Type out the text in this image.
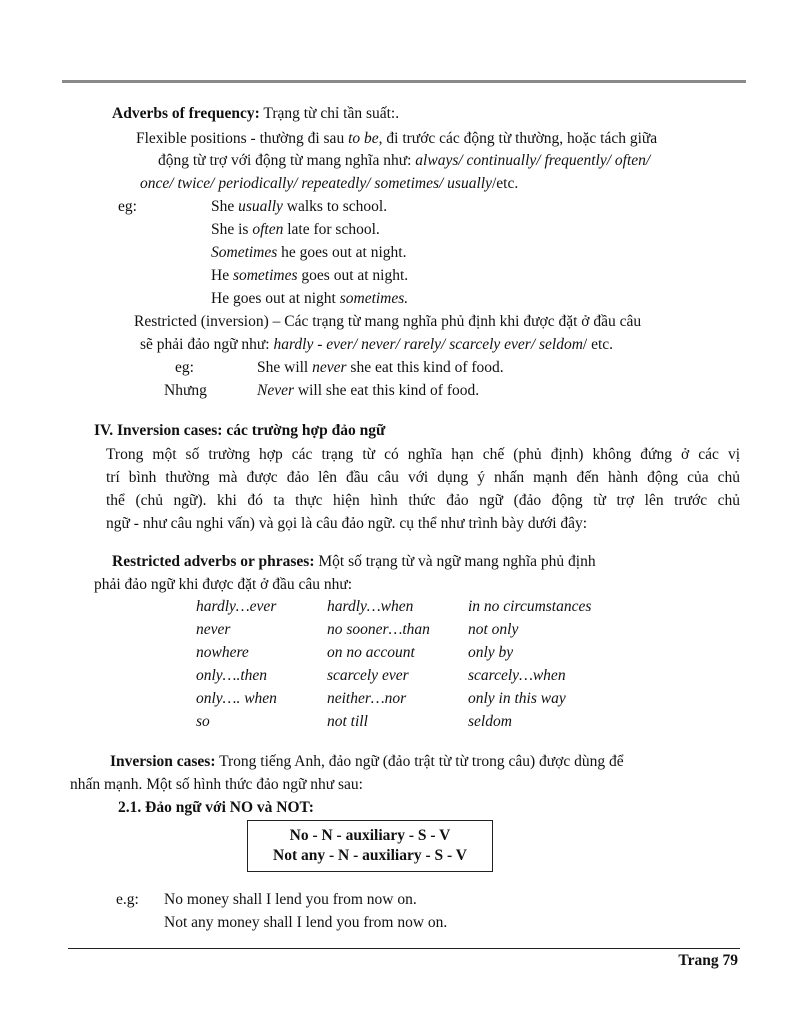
Adverbs of frequency: Trạng từ chỉ tần suất:.
Flexible positions - thường đi sau to be, đi trước các động từ thường, hoặc tách giữa
động từ trợ với động từ mang nghĩa như: always/ continually/ frequently/ often/
once/ twice/ periodically/ repeatedly/ sometimes/ usually/etc.
eg:	She usually walks to school.
She is often late for school.
Sometimes he goes out at night.
He sometimes goes out at night.
He goes out at night sometimes.
Restricted (inversion) – Các trạng từ mang nghĩa phủ định khi được đặt ở đầu câu
sẽ phải đảo ngữ như: hardly - ever/ never/ rarely/ scarcely ever/ seldom/ etc.
eg:	She will never she eat this kind of food.
Nhưng	Never will she eat this kind of food.
IV. Inversion cases: các trường hợp đảo ngữ
Trong một số trường hợp các trạng từ có nghĩa hạn chế (phủ định) không đứng ở các vị
trí bình thường mà được đảo lên đầu câu với dụng ý nhấn mạnh đến hành động của chủ
thể (chủ ngữ). khi đó ta thực hiện hình thức đảo ngữ (đảo động từ trợ lên trước chủ
ngữ - như câu nghi vấn) và gọi là câu đảo ngữ. cụ thể như trình bày dưới đây:
Restricted adverbs or phrases: Một số trạng từ và ngữ mang nghĩa phủ định
phải đảo ngữ khi được đặt ở đầu câu như:
hardly…ever	hardly…when	in no circumstances
never	no sooner…than	not only
nowhere	on no account	only by
only….then	scarcely ever	scarcely…when
only…. when	neither…nor	only in this way
so	not till	seldom
Inversion cases: Trong tiếng Anh, đảo ngữ (đảo trật từ từ trong câu) được dùng để
nhấn mạnh. Một số hình thức đảo ngữ như sau:
2.1. Đảo ngữ với NO và NOT:
No - N - auxiliary - S - V
Not any - N - auxiliary - S - V
e.g: No money shall I lend you from now on.
Not any money shall I lend you from now on.
Trang 79
